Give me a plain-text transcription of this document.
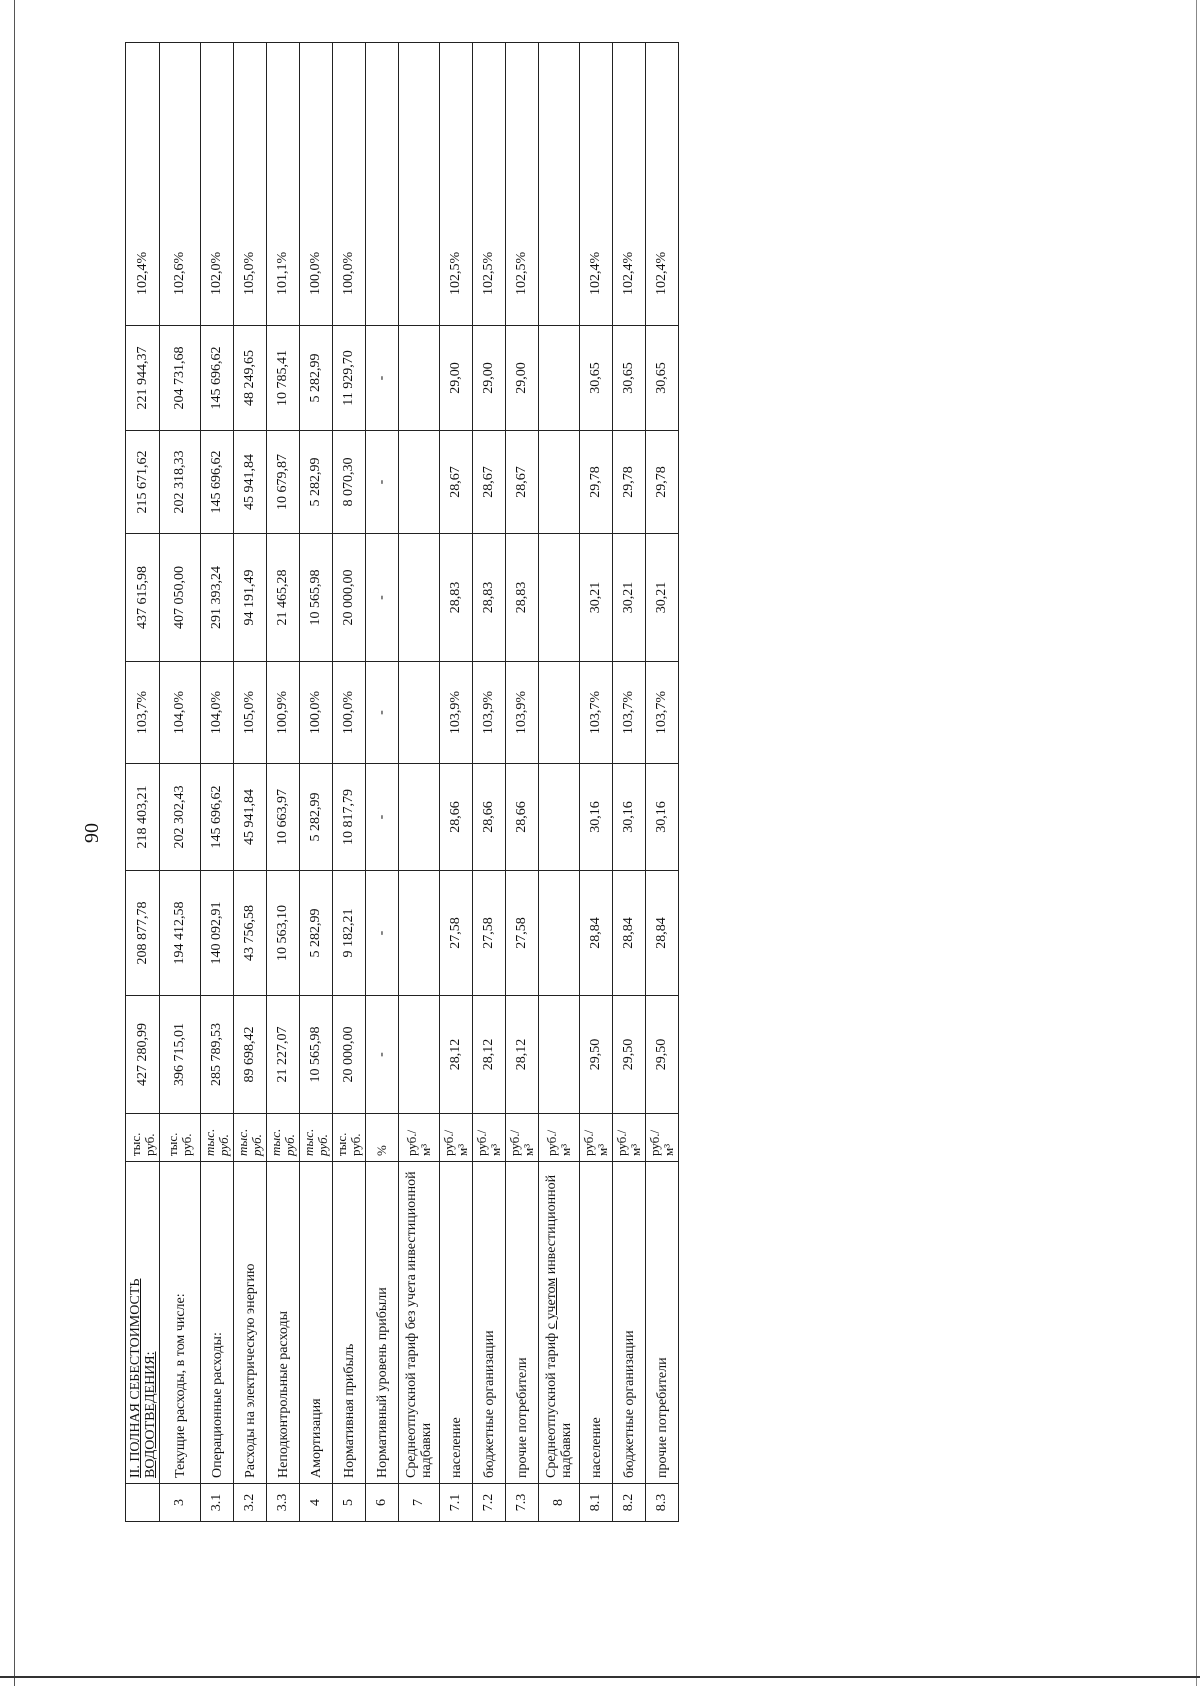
90
	II. ПОЛНАЯ СЕБЕСТОИМОСТЬ ВОДООТВЕДЕНИЯ:	тыс. руб.	427 280,99	208 877,78	218 403,21	103,7%	437 615,98	215 671,62	221 944,37	102,4%
3	Текущие расходы, в том числе:	тыс. руб.	396 715,01	194 412,58	202 302,43	104,0%	407 050,00	202 318,33	204 731,68	102,6%
3.1	Операционные расходы:	тыс. руб.	285 789,53	140 092,91	145 696,62	104,0%	291 393,24	145 696,62	145 696,62	102,0%
3.2	Расходы на электрическую энергию	тыс. руб.	89 698,42	43 756,58	45 941,84	105,0%	94 191,49	45 941,84	48 249,65	105,0%
3.3	Неподконтрольные расходы	тыс. руб.	21 227,07	10 563,10	10 663,97	100,9%	21 465,28	10 679,87	10 785,41	101,1%
4	Амортизация	тыс. руб.	10 565,98	5 282,99	5 282,99	100,0%	10 565,98	5 282,99	5 282,99	100,0%
5	Нормативная прибыль	тыс. руб.	20 000,00	9 182,21	10 817,79	100,0%	20 000,00	8 070,30	11 929,70	100,0%
6	Нормативный уровень прибыли	%	-	-	-	-	-	-	-	
7	Среднеотпускной тариф без учета инвестиционной надбавки	руб./м³								
7.1	население	руб./м³	28,12	27,58	28,66	103,9%	28,83	28,67	29,00	102,5%
7.2	бюджетные организации	руб./м³	28,12	27,58	28,66	103,9%	28,83	28,67	29,00	102,5%
7.3	прочие потребители	руб./м³	28,12	27,58	28,66	103,9%	28,83	28,67	29,00	102,5%
8	Среднеотпускной тариф с учетом инвестиционной надбавки	руб./м³								
8.1	население	руб./м³	29,50	28,84	30,16	103,7%	30,21	29,78	30,65	102,4%
8.2	бюджетные организации	руб./м³	29,50	28,84	30,16	103,7%	30,21	29,78	30,65	102,4%
8.3	прочие потребители	руб./м³	29,50	28,84	30,16	103,7%	30,21	29,78	30,65	102,4%
